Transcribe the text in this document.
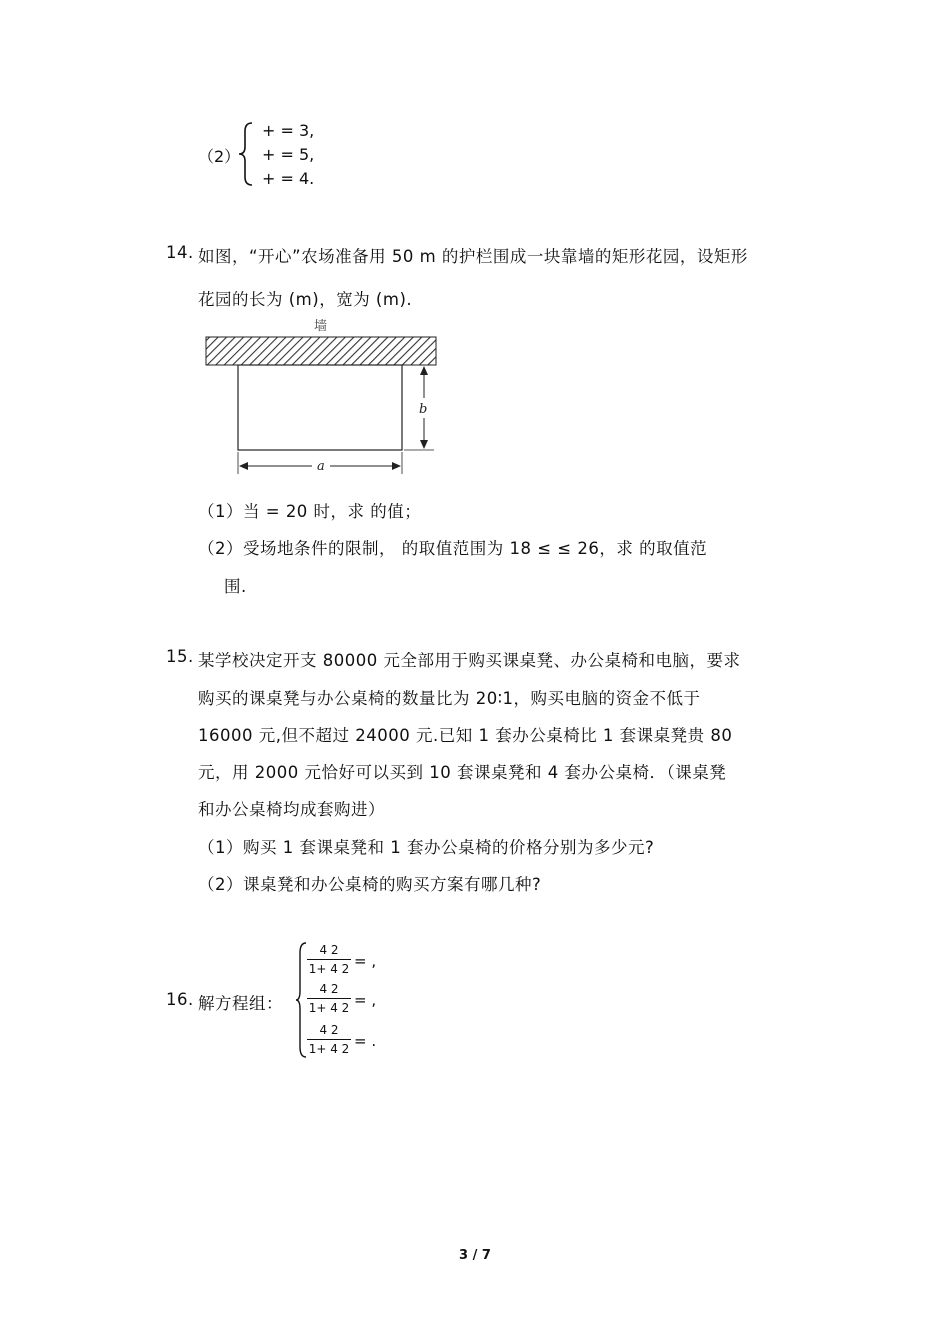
（2）
+ = 3,
+ = 5,
+ = 4.
14. 如图，“开心”农场准备用 50 m 的护栏围成一块靠墙的矩形花园，设矩形
花园的长为 (m)，宽为 (m).
墙
b
a
（1）当 = 20 时，求 的值；
（2）受场地条件的限制， 的取值范围为 18 ≤ ≤ 26，求 的取值范
围.
15. 某学校决定开支 80000 元全部用于购买课桌凳、办公桌椅和电脑，要求
购买的课桌凳与办公桌椅的数量比为 20∶1，购买电脑的资金不低于
16000 元,但不超过 24000 元.已知 1 套办公桌椅比 1 套课桌凳贵 80
元，用 2000 元恰好可以买到 10 套课桌凳和 4 套办公桌椅．（课桌凳
和办公桌椅均成套购进）
（1）购买 1 套课桌凳和 1 套办公桌椅的价格分别为多少元?
（2）课桌凳和办公桌椅的购买方案有哪几种?
16. 解方程组：
4 2
1+ 4 2 = ,
4 2
1+ 4 2 = ,
4 2
1+ 4 2 = .
3 / 7
